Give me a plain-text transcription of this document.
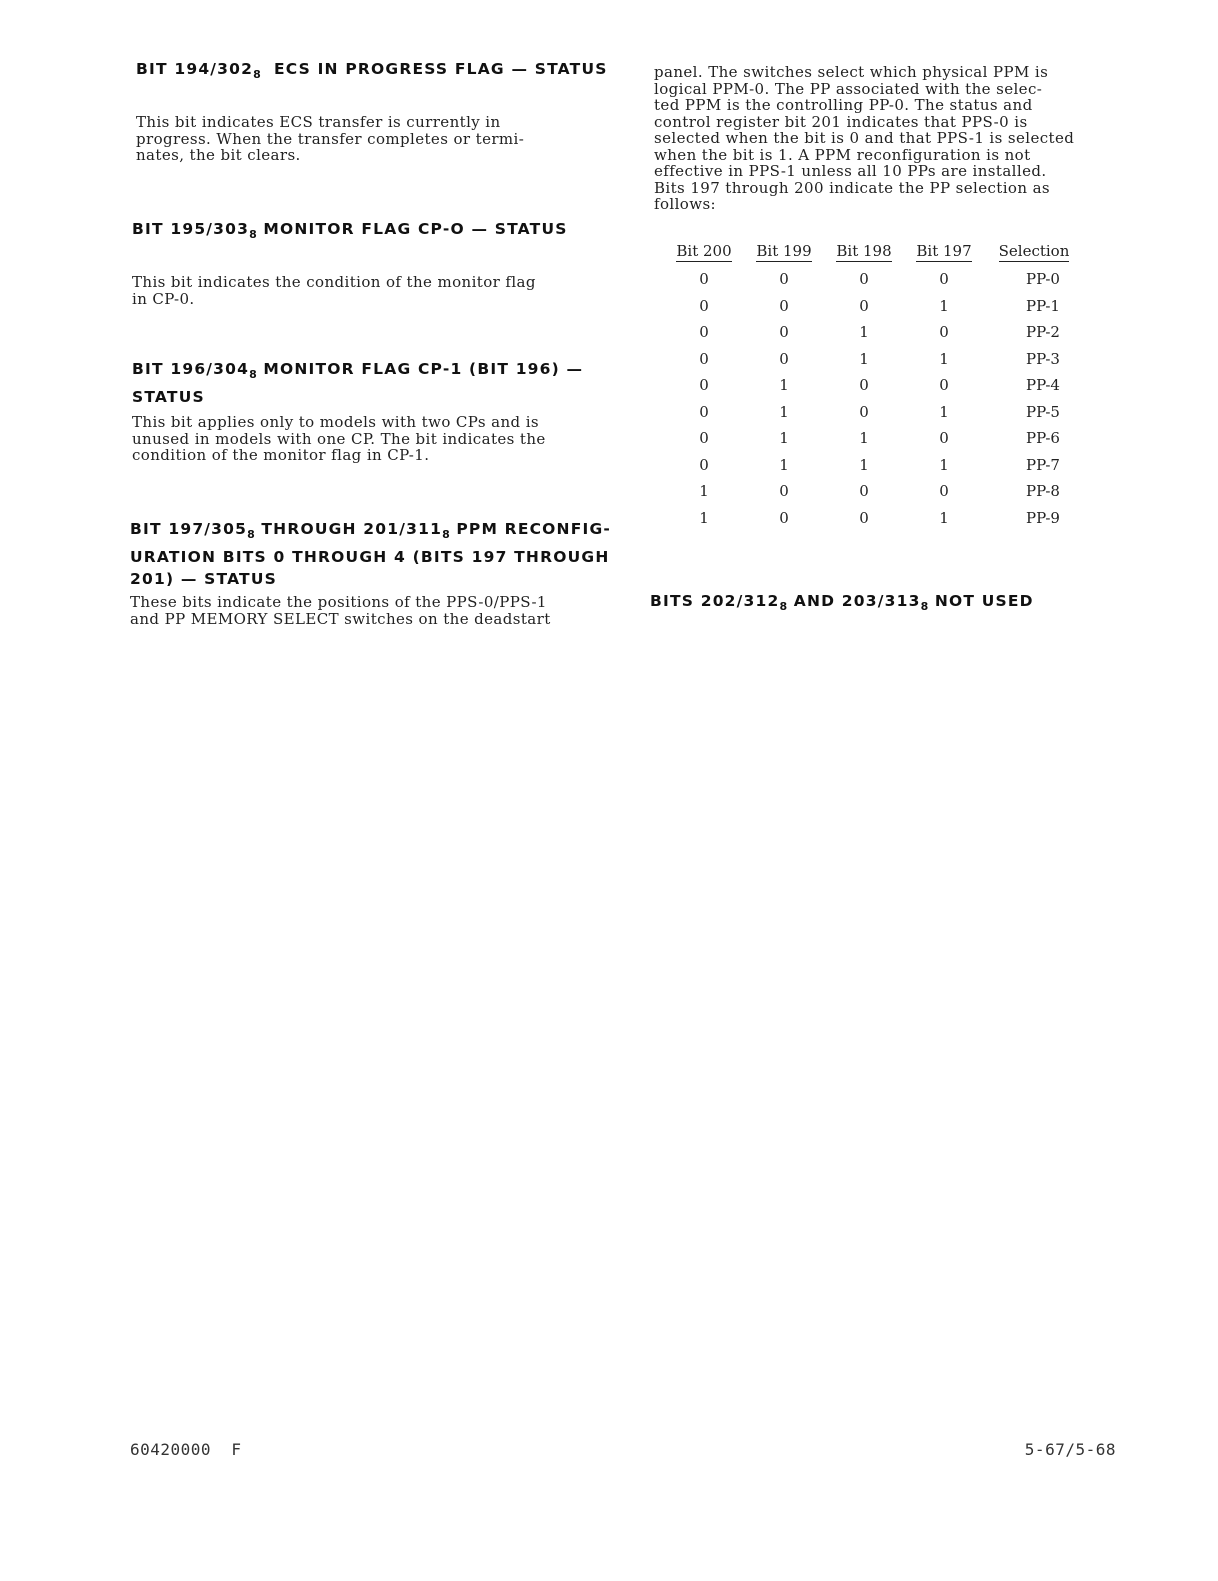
BIT $194/302_8$  ECS IN PROGRESS FLAG — STATUS
This bit indicates ECS transfer is currently in
progress. When the transfer completes or termi-
nates, the bit clears.
BIT $195/303_8$ MONITOR FLAG CP-O — STATUS
This bit indicates the condition of the monitor flag
in CP-0.
BIT $196/304_8$ MONITOR FLAG CP-1 (BIT 196) —
STATUS
This bit applies only to models with two CPs and is
unused in models with one CP. The bit indicates the
condition of the monitor flag in CP-1.
BIT $197/305_8$ THROUGH $201/311_8$ PPM RECONFIG-
URATION BITS 0 THROUGH 4 (BITS 197 THROUGH
201) — STATUS
These bits indicate the positions of the PPS-0/PPS-1
and PP MEMORY SELECT switches on the deadstart
panel. The switches select which physical PPM is
logical PPM-0. The PP associated with the selec-
ted PPM is the controlling PP-0. The status and
control register bit 201 indicates that PPS-0 is
selected when the bit is 0 and that PPS-1 is selected
when the bit is 1. A PPM reconfiguration is not
effective in PPS-1 unless all 10 PPs are installed.
Bits 197 through 200 indicate the PP selection as
follows:
Bit 200	Bit 199	Bit 198	Bit 197	Selection
0	0	0	0	PP-0
0	0	0	1	PP-1
0	0	1	0	PP-2
0	0	1	1	PP-3
0	1	0	0	PP-4
0	1	0	1	PP-5
0	1	1	0	PP-6
0	1	1	1	PP-7
1	0	0	0	PP-8
1	0	0	1	PP-9
BITS $202/312_8$ AND $203/313_8$ NOT USED
60420000  F	5-67/5-68
